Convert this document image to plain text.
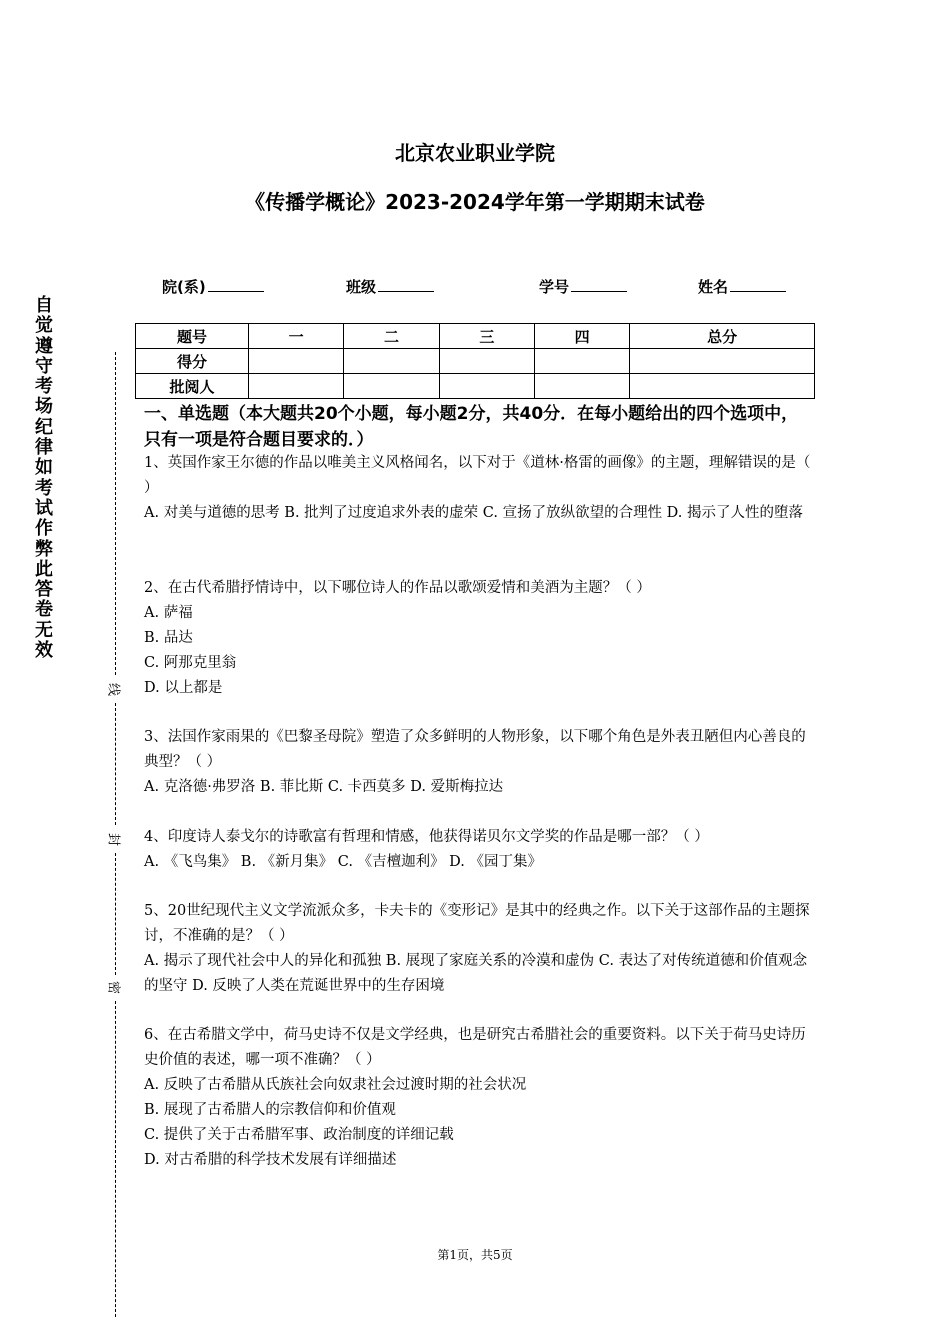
北京农业职业学院
《传播学概论》2023-2024学年第一学期期末试卷
院(系)	班级	学号	姓名
题号	一	二	三	四	总分
得分					
批阅人					
一、单选题（本大题共20个小题，每小题2分，共40分．在每小题给出的四个选项中，只有一项是符合题目要求的．）

1、英国作家王尔德的作品以唯美主义风格闻名，以下对于《道林·格雷的画像》的主题，理解错误的是（ ）

A. 对美与道德的思考 B. 批判了过度追求外表的虚荣 C. 宣扬了放纵欲望的合理性 D. 揭示了人性的堕落

2、在古代希腊抒情诗中，以下哪位诗人的作品以歌颂爱情和美酒为主题？（ ）

A. 萨福

B. 品达

C. 阿那克里翁

D. 以上都是

3、法国作家雨果的《巴黎圣母院》塑造了众多鲜明的人物形象，以下哪个角色是外表丑陋但内心善良的典型？（ ）

A. 克洛德·弗罗洛 B. 菲比斯 C. 卡西莫多 D. 爱斯梅拉达

4、印度诗人泰戈尔的诗歌富有哲理和情感，他获得诺贝尔文学奖的作品是哪一部？（ ）

A. 《飞鸟集》 B. 《新月集》 C. 《吉檀迦利》 D. 《园丁集》

5、20世纪现代主义文学流派众多，卡夫卡的《变形记》是其中的经典之作。以下关于这部作品的主题探讨，不准确的是？（ ）

A. 揭示了现代社会中人的异化和孤独 B. 展现了家庭关系的冷漠和虚伪 C. 表达了对传统道德和价值观念的坚守 D. 反映了人类在荒诞世界中的生存困境

6、在古希腊文学中，荷马史诗不仅是文学经典，也是研究古希腊社会的重要资料。以下关于荷马史诗历史价值的表述，哪一项不准确？（ ）

A. 反映了古希腊从氏族社会向奴隶社会过渡时期的社会状况

B. 展现了古希腊人的宗教信仰和价值观

C. 提供了关于古希腊军事、政治制度的详细记载

D. 对古希腊的科学技术发展有详细描述

自
觉
遵
守
考
场
纪
律
如
考
试
作
弊
此
答
卷
无
效
线
封
密
第1页，共5页
